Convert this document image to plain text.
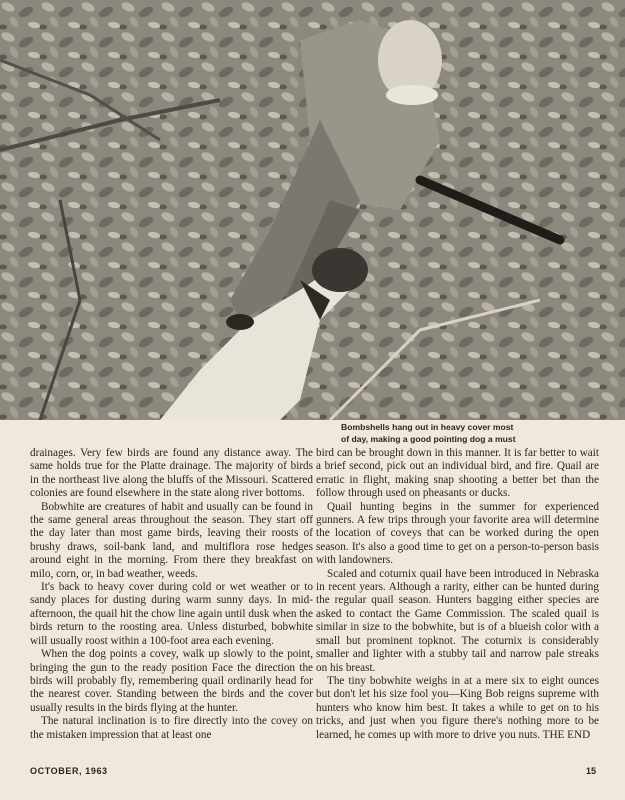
Bombshells hang out in heavy cover most
of day, making a good pointing dog a must

drainages. Very few birds are found any distance away. The same holds true for the Platte drainage. The majority of birds in the northeast live along the bluffs of the Missouri. Scattered colonies are found elsewhere in the state along river bottoms.

Bobwhite are creatures of habit and usually can be found in the same general areas throughout the season. They start off the day later than most game birds, leaving their roosts of brushy draws, soil-bank land, and multiflora rose hedges around eight in the morning. From there they breakfast on milo, corn, or, in bad weather, weeds.

It's back to heavy cover during cold or wet weather or to sandy places for dusting during warm sunny days. In mid-afternoon, the quail hit the chow line again until dusk when the birds return to the roosting area. Unless disturbed, bobwhite will usually roost within a 100-foot area each evening.

When the dog points a covey, walk up slowly to the point, bringing the gun to the ready position Face the direction the birds will probably fly, remembering quail ordinarily head for the nearest cover. Standing between the birds and the cover usually results in the birds flying at the hunter.

The natural inclination is to fire directly into the covey on the mistaken impression that at least one

bird can be brought down in this manner. It is far better to wait a brief second, pick out an individual bird, and fire. Quail are erratic in flight, making snap shooting a better bet than the follow through used on pheasants or ducks.

Quail hunting begins in the summer for experienced gunners. A few trips through your favorite area will determine the location of coveys that can be worked during the open season. It's also a good time to get on a person-to-person basis with landowners.

Scaled and coturnix quail have been introduced in Nebraska in recent years. Although a rarity, either can be hunted during the regular quail season. Hunters bagging either species are asked to contact the Game Commission. The scaled quail is similar in size to the bobwhite, but is of a blueish color with a small but prominent topknot. The coturnix is considerably smaller and lighter with a stubby tail and narrow pale streaks on his breast.

The tiny bobwhite weighs in at a mere six to eight ounces but don't let his size fool you—King Bob reigns supreme with hunters who know him best. It takes a while to get on to his tricks, and just when you figure there's nothing more to be learned, he comes up with more to drive you nuts. THE END

OCTOBER, 1963	15
